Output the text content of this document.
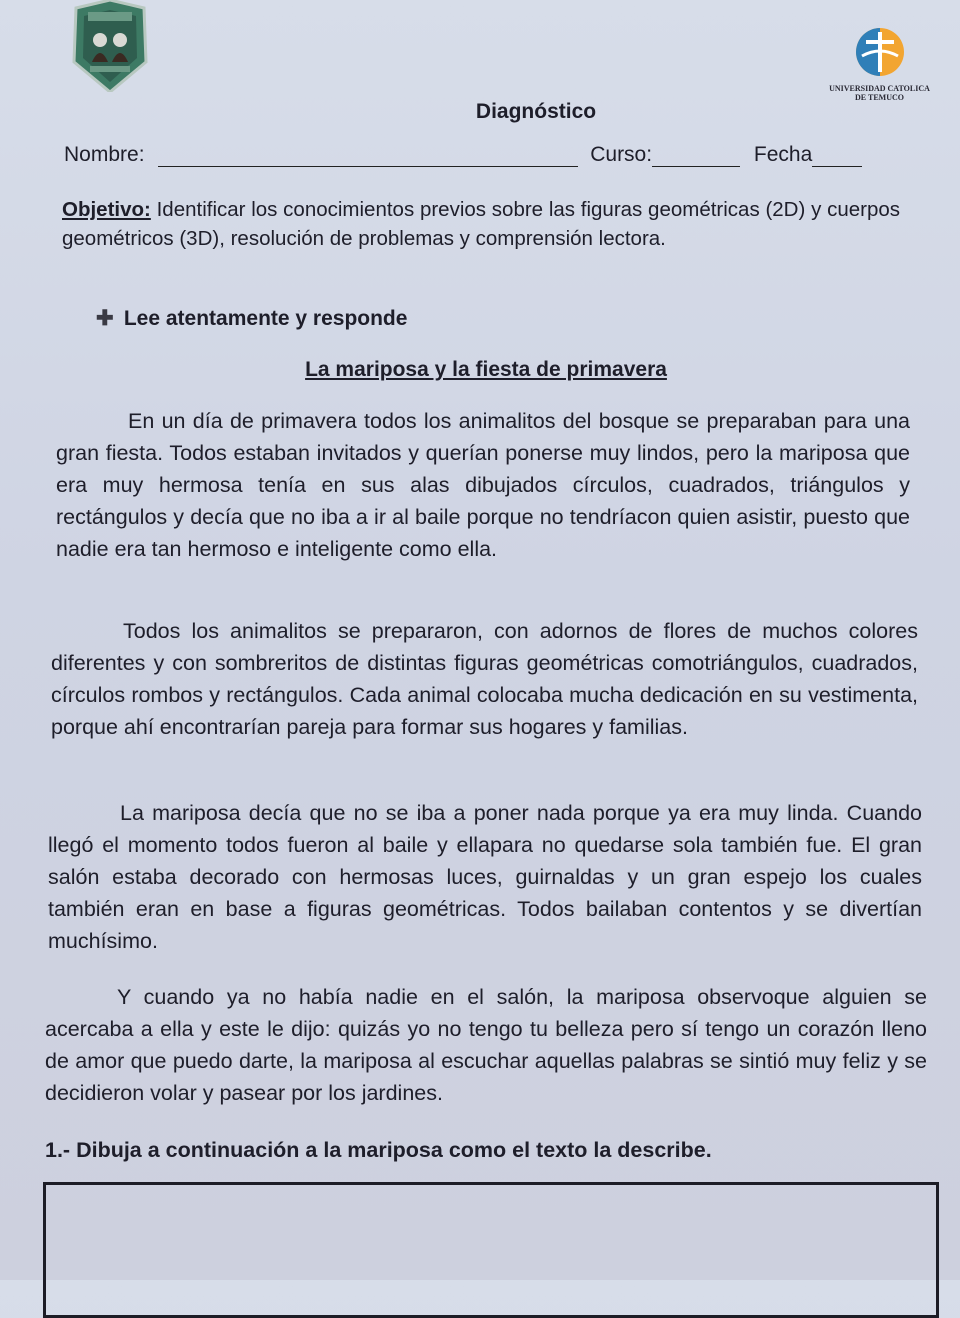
UNIVERSIDAD CATOLICA
DE TEMUCO
Diagnóstico
Nombre:	Curso:	Fecha
Objetivo: Identificar los conocimientos previos sobre las figuras geométricas (2D) y cuerpos geométricos (3D), resolución de problemas y comprensión lectora.
✚ Lee atentamente y responde
La mariposa y la fiesta de primavera
En un día de primavera todos los animalitos del bosque se preparaban para una gran fiesta. Todos estaban invitados y querían ponerse muy lindos, pero la mariposa que era muy hermosa tenía en sus alas dibujados círculos, cuadrados, triángulos y rectángulos y decía que no iba a ir al baile porque no tendríacon quien asistir, puesto que nadie era tan hermoso e inteligente como ella.
Todos los animalitos se prepararon, con adornos de flores de muchos colores diferentes y con sombreritos de distintas figuras geométricas comotriángulos, cuadrados, círculos rombos y rectángulos. Cada animal colocaba mucha dedicación en su vestimenta, porque ahí encontrarían pareja para formar sus hogares y familias.
La mariposa decía que no se iba a poner nada porque ya era muy linda. Cuando llegó el momento todos fueron al baile y ellapara no quedarse sola también fue. El gran salón estaba decorado con hermosas luces, guirnaldas y un gran espejo los cuales también eran en base a figuras geométricas. Todos bailaban contentos y se divertían muchísimo.
Y cuando ya no había nadie en el salón, la mariposa observoque alguien se acercaba a ella y este le dijo: quizás yo no tengo tu belleza pero sí tengo un corazón lleno de amor que puedo darte, la mariposa al escuchar aquellas palabras se sintió muy feliz y se decidieron volar y pasear por los jardines.
1.- Dibuja a continuación a la mariposa como el texto la describe.
